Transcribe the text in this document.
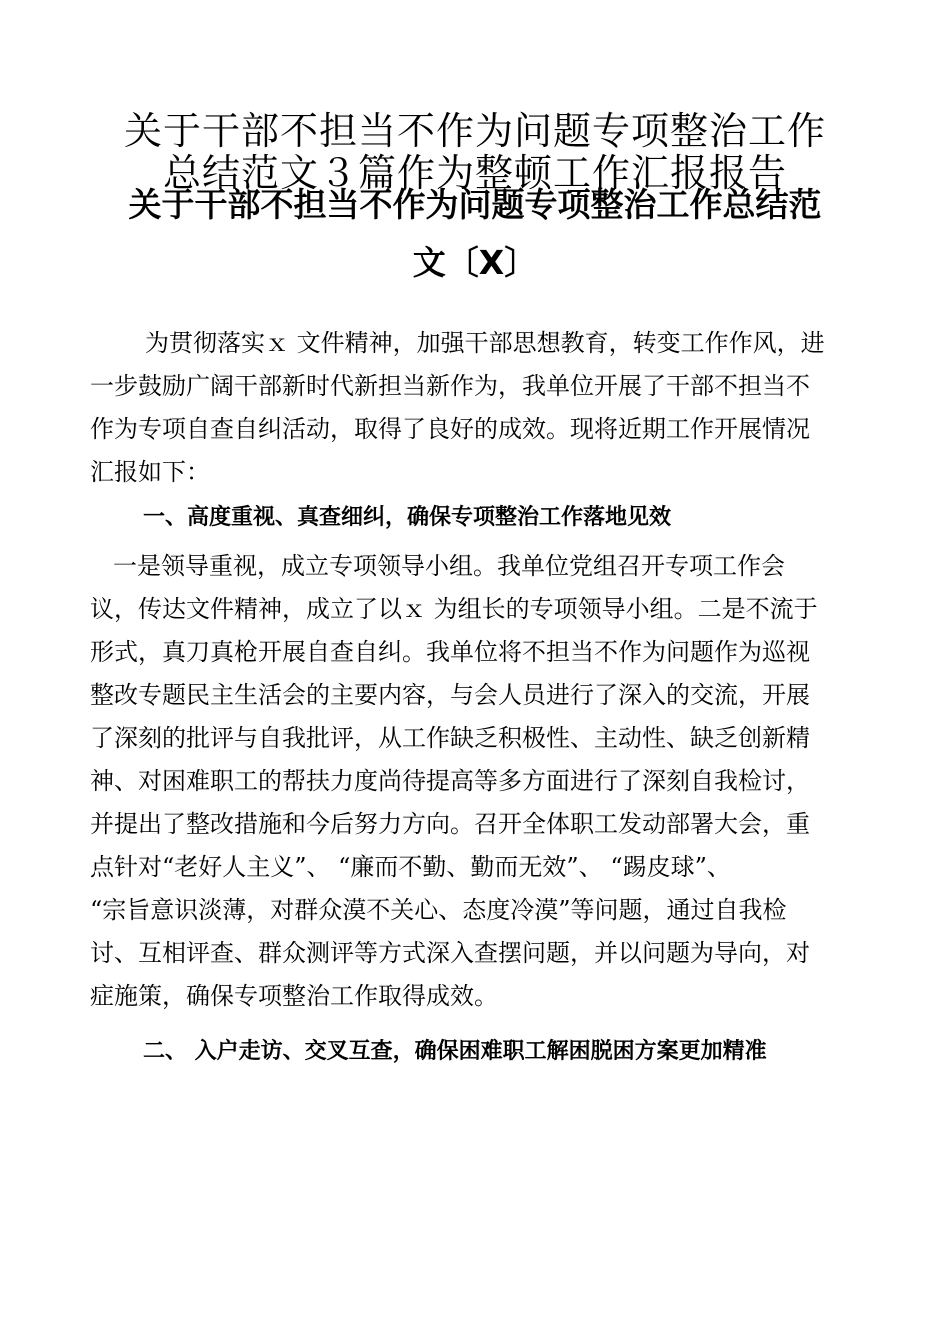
关于干部不担当不作为问题专项整治工作
总结范文３篇作为整顿工作汇报报告
关于干部不担当不作为问题专项整治工作总结范
文〔X〕

为贯彻落实ｘ 文件精神，加强干部思想教育，转变工作作风，进
一步鼓励广阔干部新时代新担当新作为，我单位开展了干部不担当不
作为专项自查自纠活动，取得了良好的成效。现将近期工作开展情况
汇报如下：

一、高度重视、真查细纠，确保专项整治工作落地见效

一是领导重视，成立专项领导小组。我单位党组召开专项工作会
议，传达文件精神，成立了以ｘ 为组长的专项领导小组。二是不流于
形式，真刀真枪开展自查自纠。我单位将不担当不作为问题作为巡视
整改专题民主生活会的主要内容，与会人员进行了深入的交流，开展
了深刻的批评与自我批评，从工作缺乏积极性、主动性、缺乏创新精
神、对困难职工的帮扶力度尚待提高等多方面进行了深刻自我检讨，
并提出了整改措施和今后努力方向。召开全体职工发动部署大会，重
点针对“老好人主义”、 “廉而不勤、勤而无效”、 “踢皮球”、
“宗旨意识淡薄，对群众漠不关心、态度冷漠”等问题，通过自我检
讨、互相评查、群众测评等方式深入查摆问题，并以问题为导向，对
症施策，确保专项整治工作取得成效。

二、 入户走访、交叉互查，确保困难职工解困脱困方案更加精准
